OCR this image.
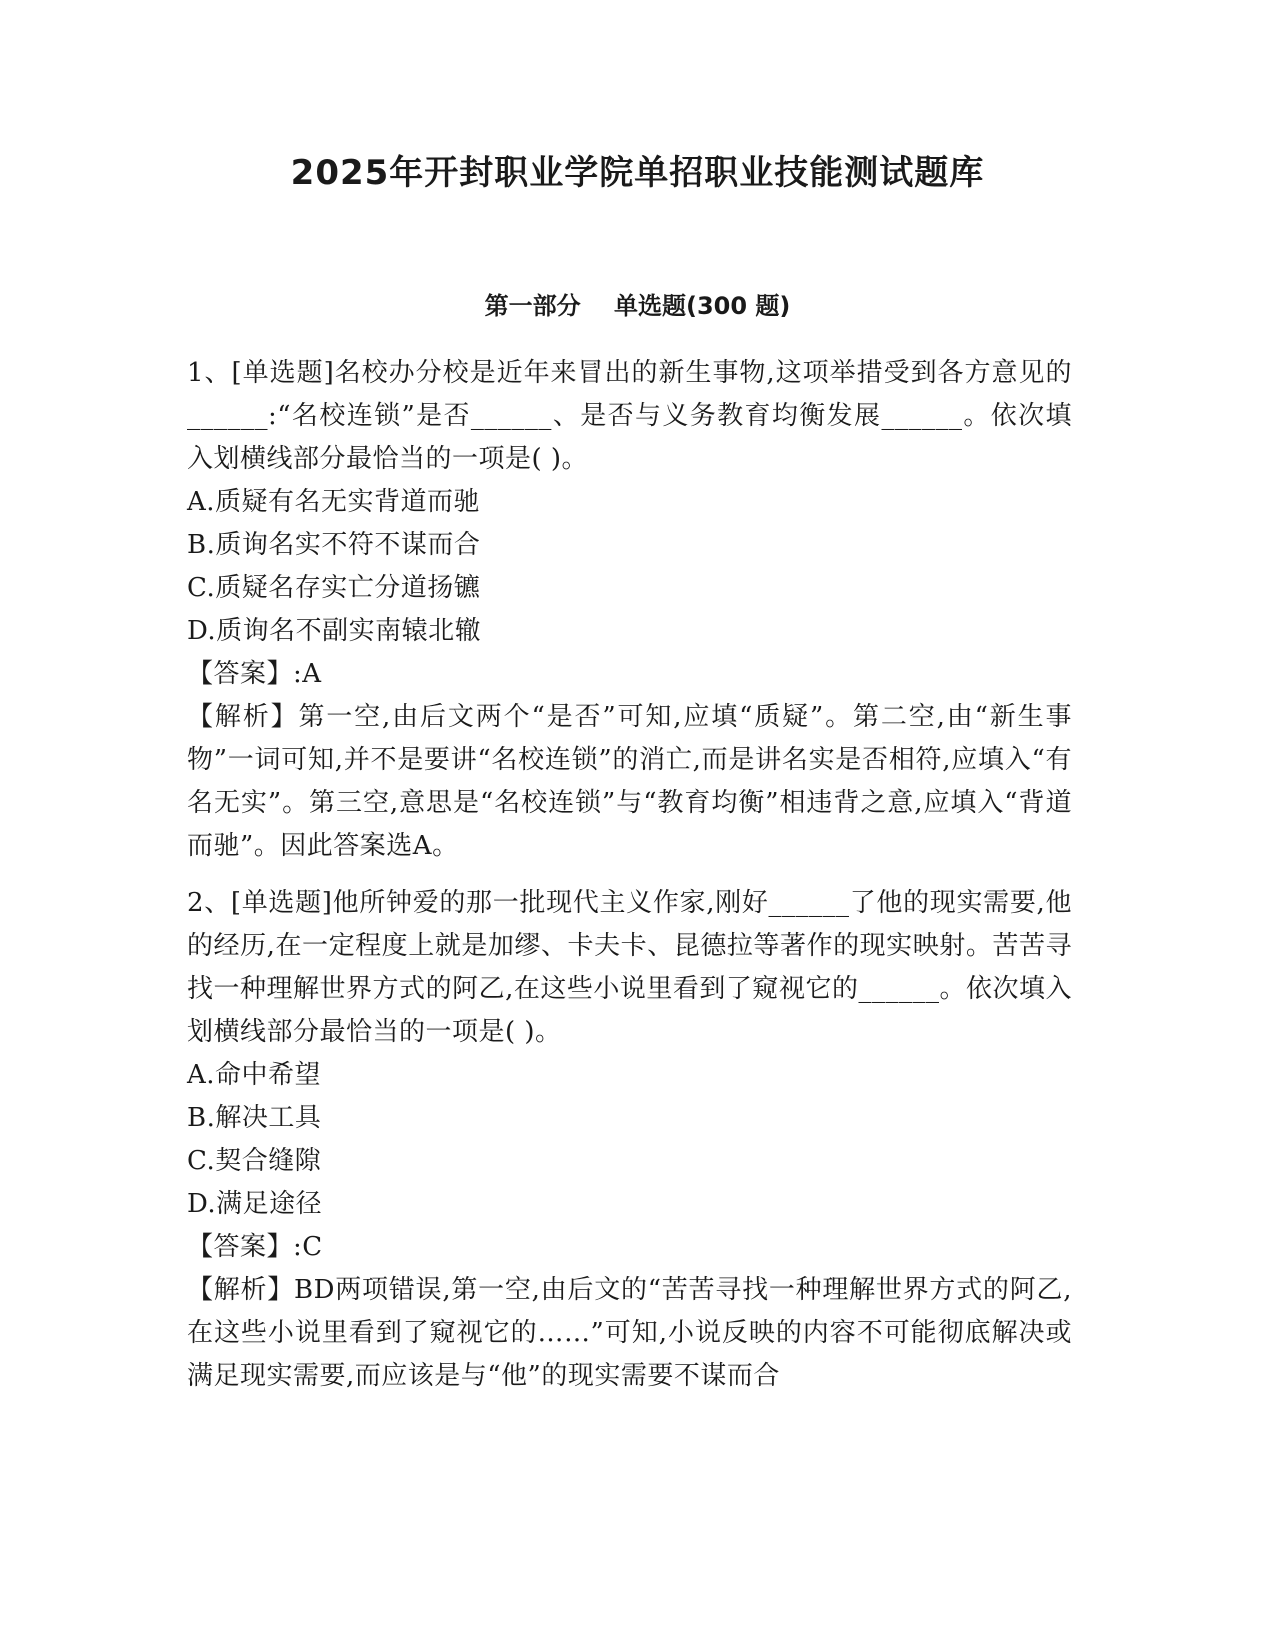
2025年开封职业学院单招职业技能测试题库
第一部分    单选题(300 题)

1、[单选题]名校办分校是近年来冒出的新生事物,这项举措受到各方意见的______:“名校连锁”是否______、是否与义务教育均衡发展______。依次填入划横线部分最恰当的一项是( )。

A.质疑有名无实背道而驰

B.质询名实不符不谋而合

C.质疑名存实亡分道扬镳

D.质询名不副实南辕北辙

【答案】:A

【解析】第一空,由后文两个“是否”可知,应填“质疑”。第二空,由“新生事物”一词可知,并不是要讲“名校连锁”的消亡,而是讲名实是否相符,应填入“有名无实”。第三空,意思是“名校连锁”与“教育均衡”相违背之意,应填入“背道而驰”。因此答案选A。

2、[单选题]他所钟爱的那一批现代主义作家,刚好______了他的现实需要,他的经历,在一定程度上就是加缪、卡夫卡、昆德拉等著作的现实映射。苦苦寻找一种理解世界方式的阿乙,在这些小说里看到了窥视它的______。依次填入划横线部分最恰当的一项是( )。

A.命中希望

B.解决工具

C.契合缝隙

D.满足途径

【答案】:C

【解析】BD两项错误,第一空,由后文的“苦苦寻找一种理解世界方式的阿乙,在这些小说里看到了窥视它的……”可知,小说反映的内容不可能彻底解决或满足现实需要,而应该是与“他”的现实需要不谋而合
